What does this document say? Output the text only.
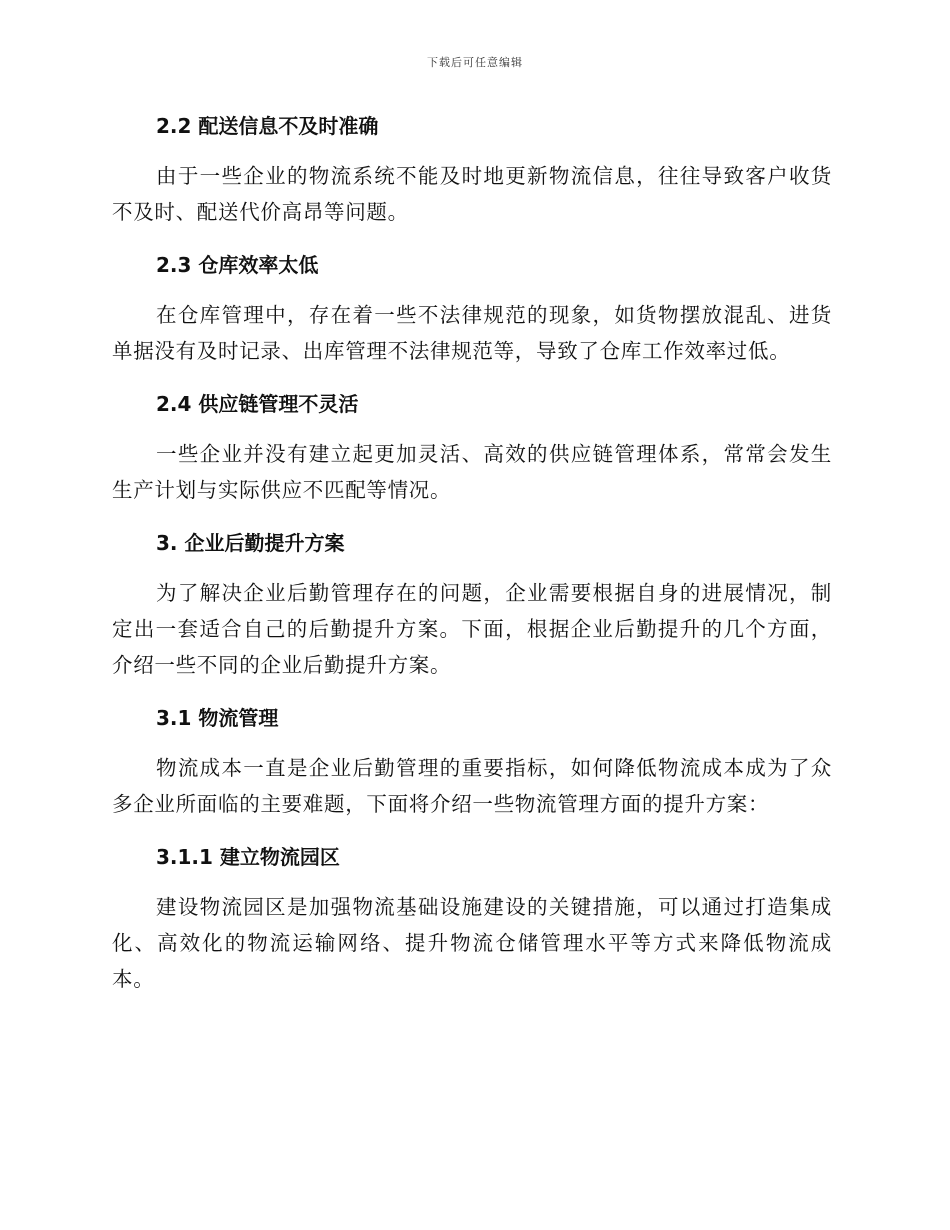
下载后可任意编辑
2.2 配送信息不及时准确

由于一些企业的物流系统不能及时地更新物流信息，往往导致客户收货不及时、配送代价高昂等问题。

2.3 仓库效率太低

在仓库管理中，存在着一些不法律规范的现象，如货物摆放混乱、进货单据没有及时记录、出库管理不法律规范等，导致了仓库工作效率过低。

2.4 供应链管理不灵活

一些企业并没有建立起更加灵活、高效的供应链管理体系，常常会发生生产计划与实际供应不匹配等情况。

3. 企业后勤提升方案

为了解决企业后勤管理存在的问题，企业需要根据自身的进展情况，制定出一套适合自己的后勤提升方案。下面，根据企业后勤提升的几个方面，介绍一些不同的企业后勤提升方案。

3.1 物流管理

物流成本一直是企业后勤管理的重要指标，如何降低物流成本成为了众多企业所面临的主要难题，下面将介绍一些物流管理方面的提升方案：

3.1.1 建立物流园区

建设物流园区是加强物流基础设施建设的关键措施，可以通过打造集成化、高效化的物流运输网络、提升物流仓储管理水平等方式来降低物流成本。
